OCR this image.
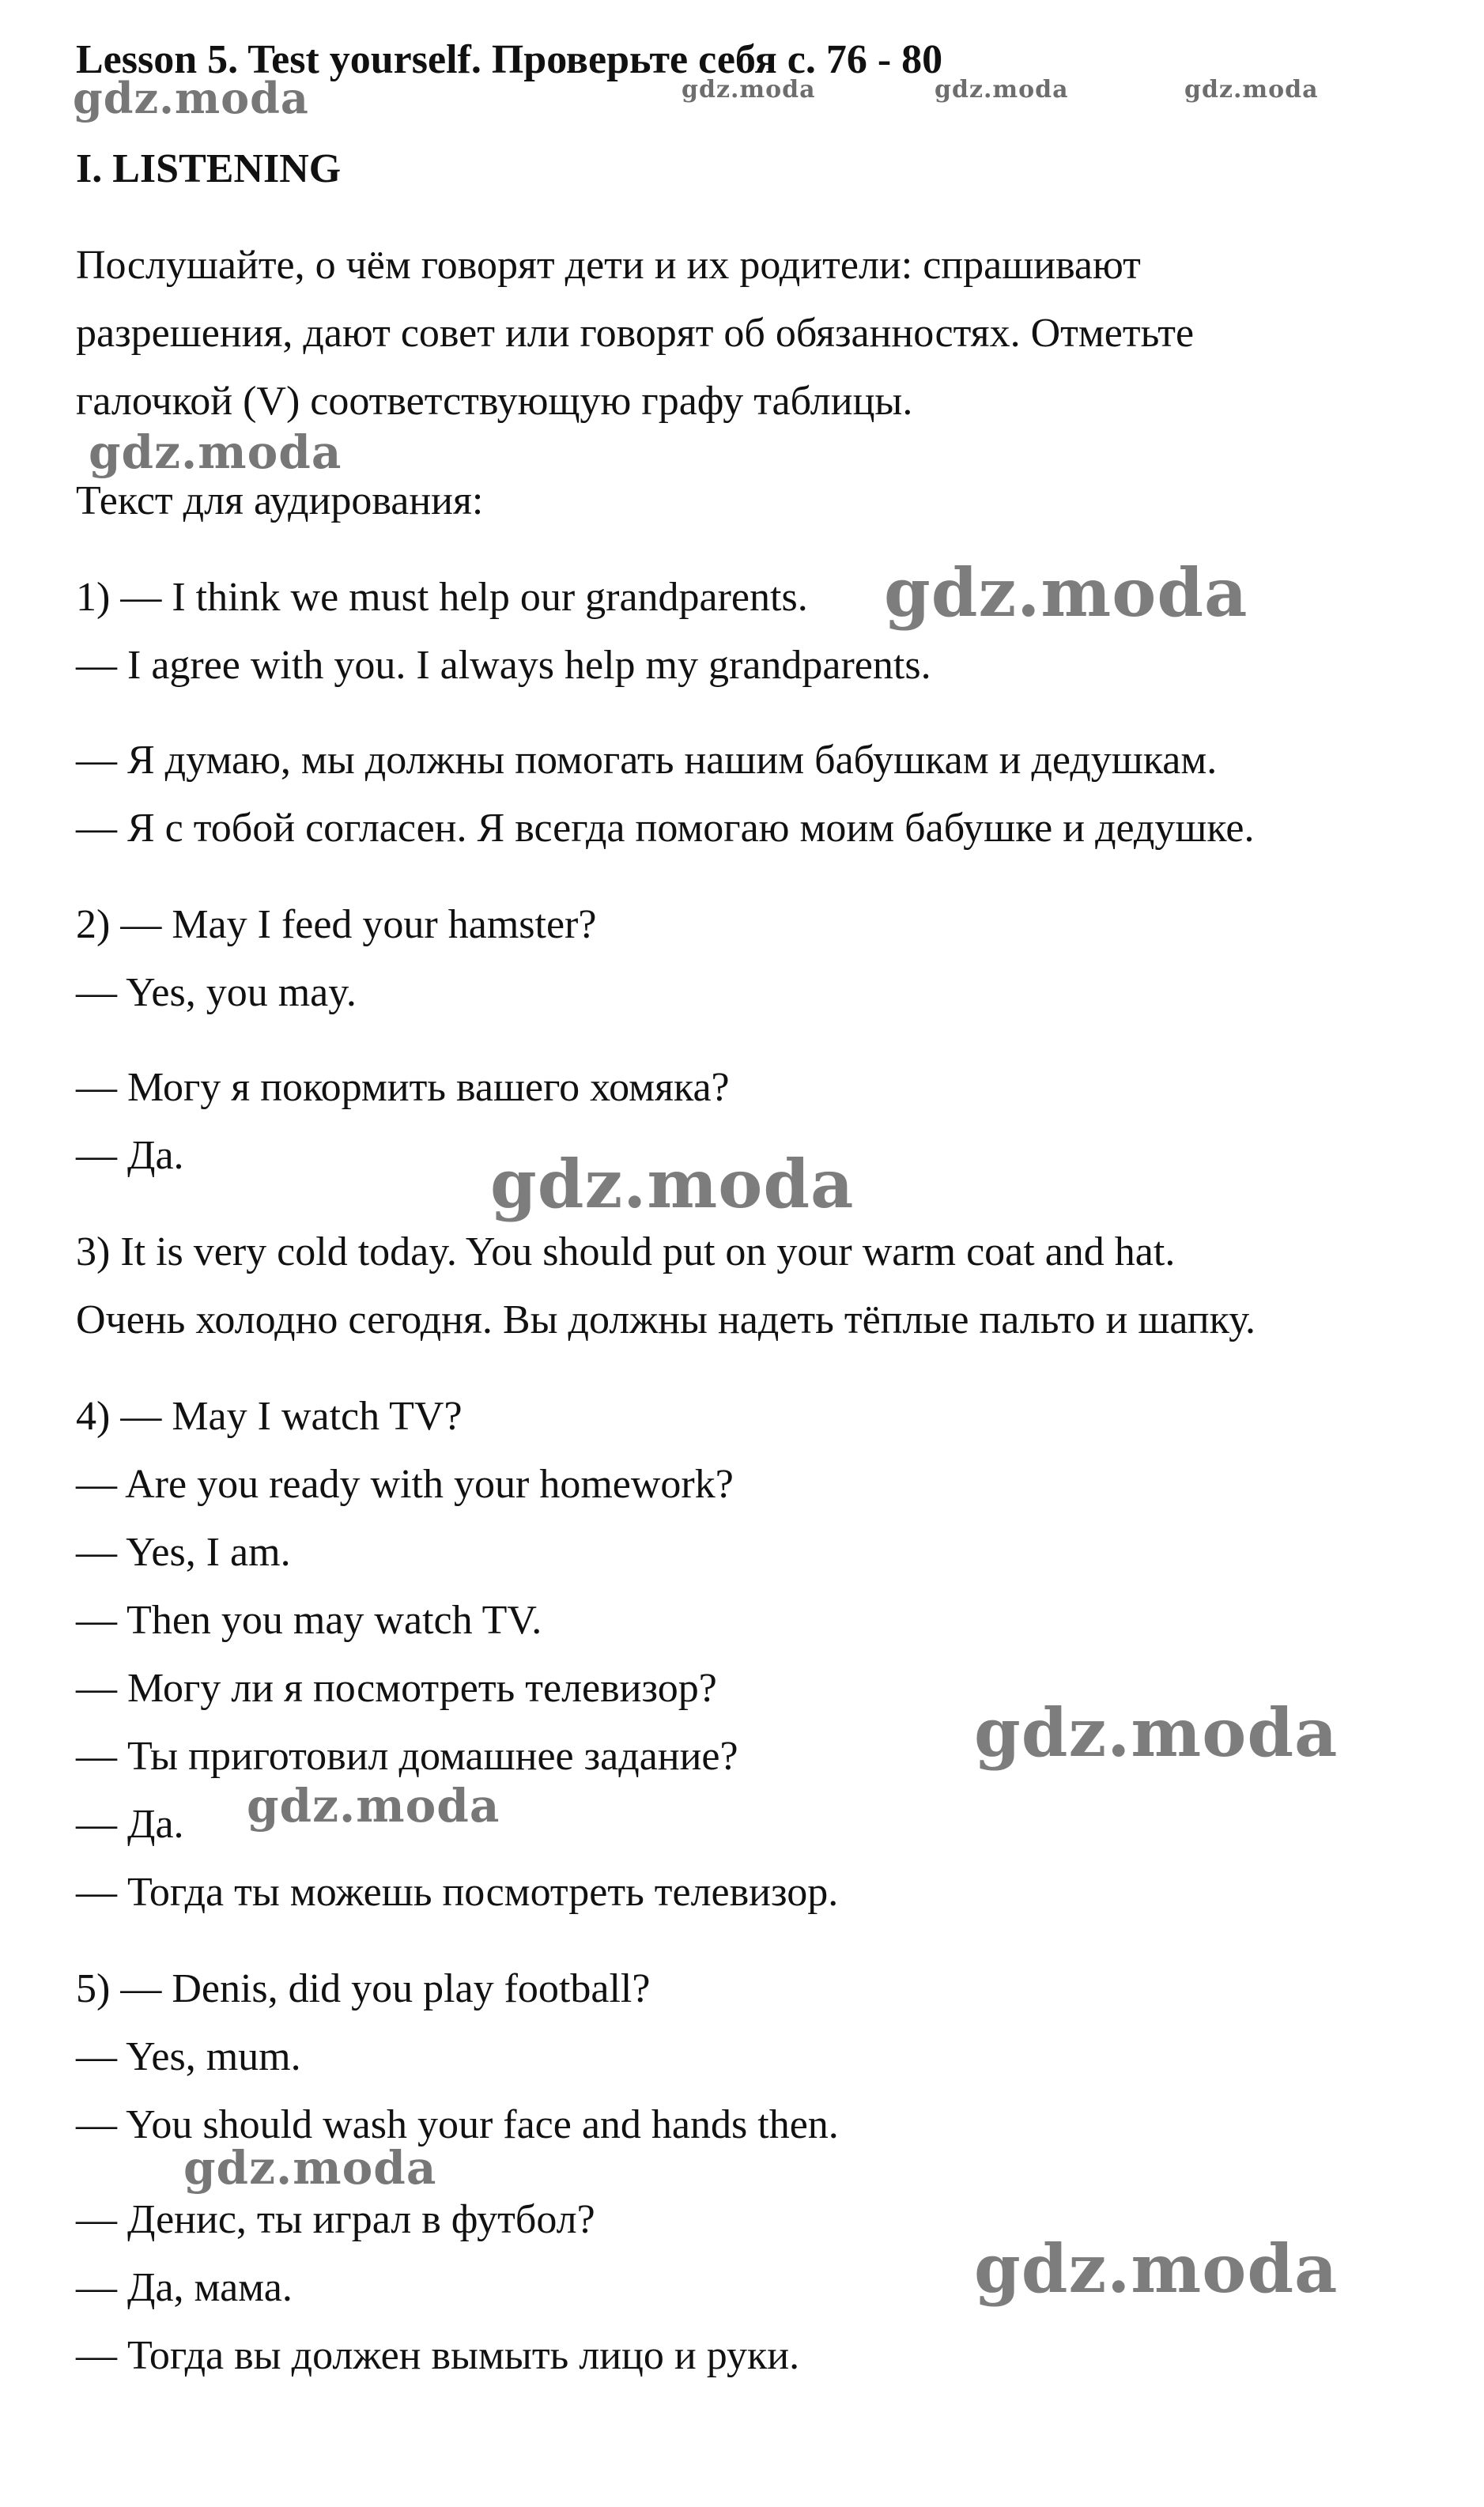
gdz.moda	gdz.moda	gdz.moda	gdz.moda
gdz.moda
gdz.moda
gdz.moda
gdz.moda
gdz.moda
gdz.moda
gdz.moda
Lesson 5. Test yourself. Проверьте себя с. 76 - 80
I. LISTENING
Послушайте, о чём говорят дети и их родители: спрашивают
разрешения, дают совет или говорят об обязанностях. Отметьте
галочкой (V) соответствующую графу таблицы.
Текст для аудирования:
1) — I think we must help our grandparents.
— I agree with you. I always help my grandparents.
— Я думаю, мы должны помогать нашим бабушкам и дедушкам.
— Я с тобой согласен. Я всегда помогаю моим бабушке и дедушке.
2) — May I feed your hamster?
— Yes, you may.
— Могу я покормить вашего хомяка?
— Да.
3) It is very cold today. You should put on your warm coat and hat.
Очень холодно сегодня. Вы должны надеть тёплые пальто и шапку.
4) — May I watch TV?
— Are you ready with your homework?
— Yes, I am.
— Then you may watch TV.
— Могу ли я посмотреть телевизор?
— Ты приготовил домашнее задание?
— Да.
— Тогда ты можешь посмотреть телевизор.
5) — Denis, did you play football?
— Yes, mum.
— You should wash your face and hands then.
— Денис, ты играл в футбол?
— Да, мама.
— Тогда вы должен вымыть лицо и руки.
